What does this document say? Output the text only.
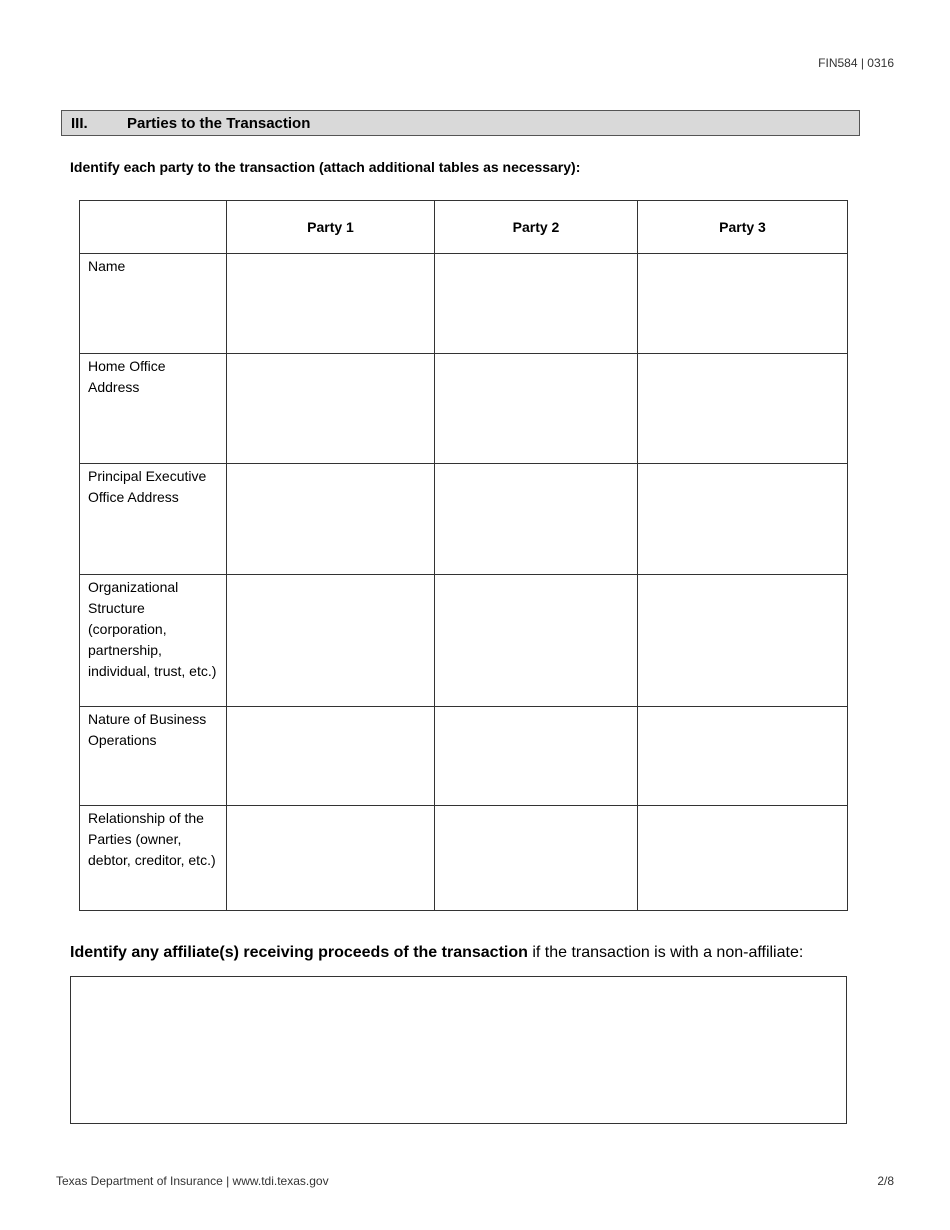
FIN584 | 0316
III.	Parties to the Transaction
Identify each party to the transaction (attach additional tables as necessary):
	Party 1	Party 2	Party 3
Name			
Home Office Address			
Principal Executive Office Address			
Organizational Structure (corporation, partnership, individual, trust, etc.)			
Nature of Business Operations			
Relationship of the Parties (owner, debtor, creditor, etc.)			
Identify any affiliate(s) receiving proceeds of the transaction if the transaction is with a non-affiliate:
Texas Department of Insurance | www.tdi.texas.gov	2/8
